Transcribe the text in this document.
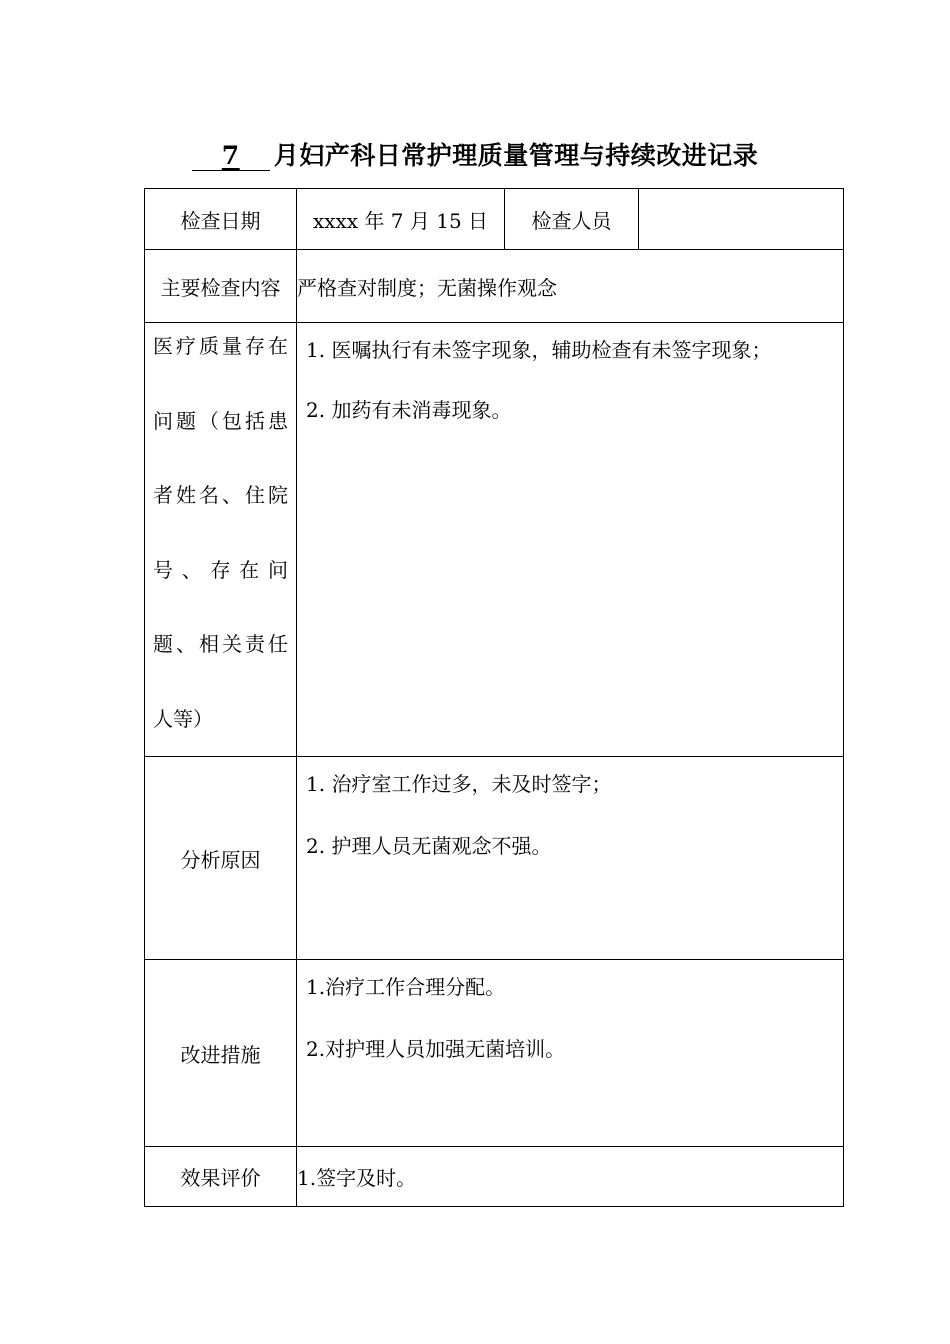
7 月妇产科日常护理质量管理与持续改进记录
检查日期	xxxx 年 7 月 15 日	检查人员	
主要检查内容	严格查对制度；无菌操作观念		

医疗质量存在问题（包括患者姓名、住院号、存在问题、相关责任人等）	1. 医嘱执行有未签字现象，辅助检查有未签字现象；
2. 加药有未消毒现象。		

分析原因	1. 治疗室工作过多，未及时签字；
2. 护理人员无菌观念不强。		

改进措施	1.治疗工作合理分配。
2.对护理人员加强无菌培训。		

效果评价	1.签字及时。		
